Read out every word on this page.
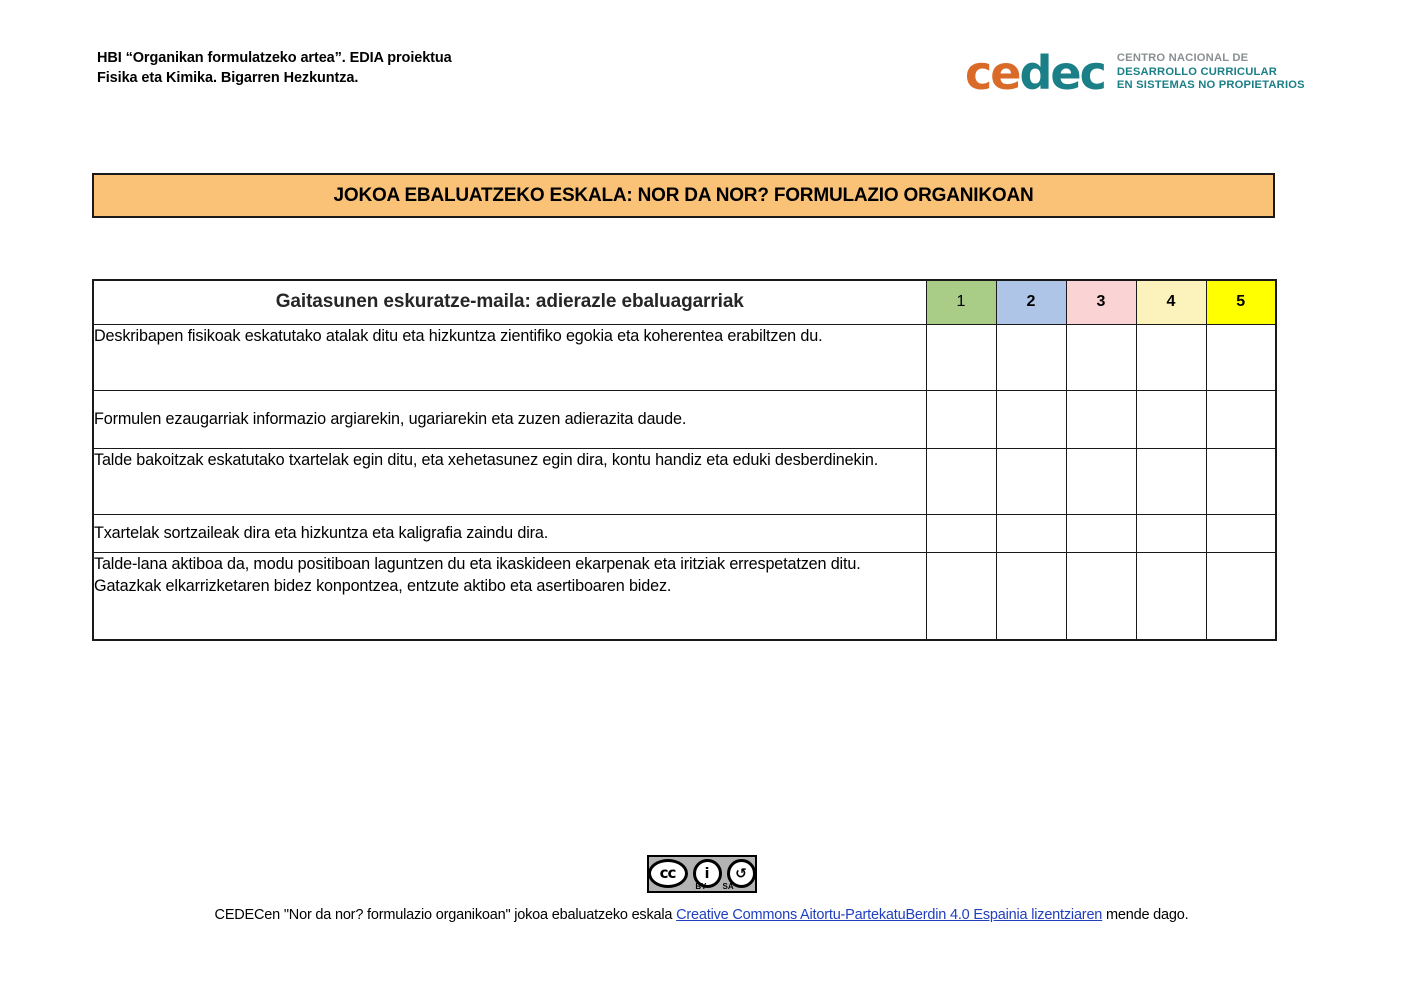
HBI “Organikan formulatzeko artea”. EDIA proiektua
Fisika eta Kimika. Bigarren Hezkuntza.	cedec CENTRO NACIONAL DE
DESARROLLO CURRICULAR
EN SISTEMAS NO PROPIETARIOS
JOKOA EBALUATZEKO ESKALA: NOR DA NOR? FORMULAZIO ORGANIKOAN
Gaitasunen eskuratze-maila: adierazle ebaluagarriak	1	2	3	4	5
Deskribapen fisikoak eskatutako atalak ditu eta hizkuntza zientifiko egokia eta koherentea erabiltzen du.					
Formulen ezaugarriak informazio argiarekin, ugariarekin eta zuzen adierazita daude.					
Talde bakoitzak eskatutako txartelak egin ditu, eta xehetasunez egin dira, kontu handiz eta eduki desberdinekin.					
Txartelak sortzaileak dira eta hizkuntza eta kaligrafia zaindu dira.					
Talde-lana aktiboa da, modu positiboan laguntzen du eta ikaskideen ekarpenak eta iritziak errespetatzen ditu. Gatazkak elkarrizketaren bidez konpontzea, entzute aktibo eta asertiboaren bidez.					
cc	i	↺
BY SA
CEDECen "Nor da nor? formulazio organikoan" jokoa ebaluatzeko eskala Creative Commons Aitortu-PartekatuBerdin 4.0 Espainia lizentziaren mende dago.
